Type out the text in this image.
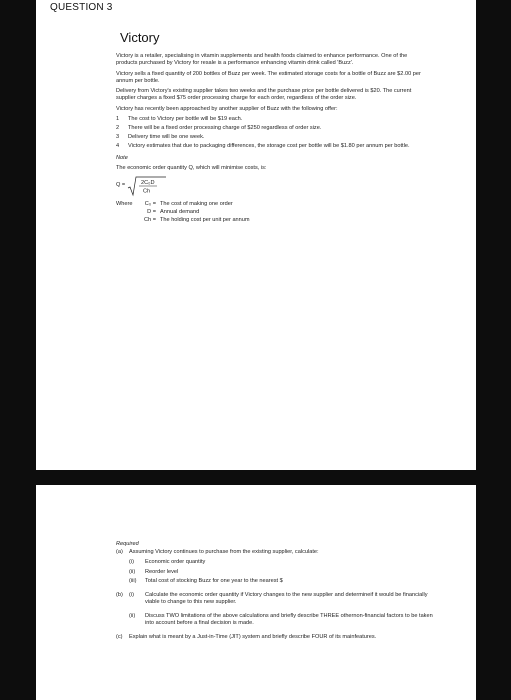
QUESTION 3
Victory

Victory is a retailer, specialising in vitamin supplements and health foods claimed to enhance performance. One of the products purchased by Victory for resale is a performance enhancing vitamin drink called 'Buzz'.

Victory sells a fixed quantity of 200 bottles of Buzz per week. The estimated storage costs for a bottle of Buzz are $2.00 per annum per bottle.

Delivery from Victory's existing supplier takes two weeks and the purchase price per bottle delivered is $20. The current supplier charges a fixed $75 order processing charge for each order, regardless of the order size.

Victory has recently been approached by another supplier of Buzz with the following offer:

1	The cost to Victory per bottle will be $19 each.
2	There will be a fixed order processing charge of $250 regardless of order size.
3	Delivery time will be one week.
4	Victory estimates that due to packaging differences, the storage cost per bottle will be $1.80 per annum per bottle.
Note
The economic order quantity Q, which will minimise costs, is:
Q =	2C₀D
Ch
Where	C₀ = The cost of making one order
D = Annual demand
Ch = The holding cost per unit per annum
Required
(a)	Assuming Victory continues to purchase from the existing supplier, calculate:
(i)	Economic order quantity
(ii)	Reorder level
(iii)	Total cost of stocking Buzz for one year to the nearest $
(b)	(i)	Calculate the economic order quantity if Victory changes to the new supplier and determineif it would be financially viable to change to this new supplier.
(ii)	Discuss TWO limitations of the above calculations and briefly describe THREE othernon-financial factors to be taken into account before a final decision is made.
(c)	Explain what is meant by a Just-in-Time (JIT) system and briefly describe FOUR of its mainfeatures.
